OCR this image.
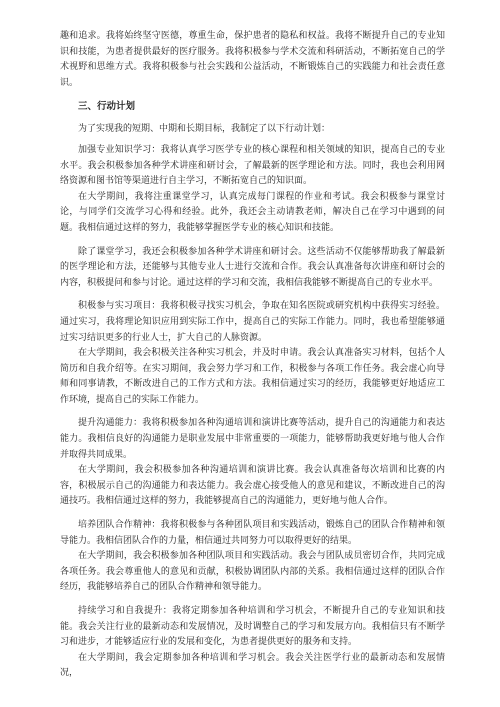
趣和追求。我将始终坚守医德，尊重生命，保护患者的隐私和权益。我将不断提升自己的专业知识和技能，为患者提供最好的医疗服务。我将积极参与学术交流和科研活动，不断拓宽自己的学术视野和思维方式。我将积极参与社会实践和公益活动，不断锻炼自己的实践能力和社会责任意识。

三、行动计划

为了实现我的短期、中期和长期目标，我制定了以下行动计划：

加强专业知识学习：我将认真学习医学专业的核心课程和相关领域的知识，提高自己的专业水平。我会积极参加各种学术讲座和研讨会，了解最新的医学理论和方法。同时，我也会利用网络资源和图书馆等渠道进行自主学习，不断拓宽自己的知识面。

在大学期间，我将注重课堂学习，认真完成每门课程的作业和考试。我会积极参与课堂讨论，与同学们交流学习心得和经验。此外，我还会主动请教老师，解决自己在学习中遇到的问题。我相信通过这样的努力，我能够掌握医学专业的核心知识和技能。

除了课堂学习，我还会积极参加各种学术讲座和研讨会。这些活动不仅能够帮助我了解最新的医学理论和方法，还能够与其他专业人士进行交流和合作。我会认真准备每次讲座和研讨会的内容，积极提问和参与讨论。通过这样的学习和交流，我相信我能够不断提高自己的专业水平。

积极参与实习项目：我将积极寻找实习机会，争取在知名医院或研究机构中获得实习经验。通过实习，我将理论知识应用到实际工作中，提高自己的实际工作能力。同时，我也希望能够通过实习结识更多的行业人士，扩大自己的人脉资源。

在大学期间，我会积极关注各种实习机会，并及时申请。我会认真准备实习材料，包括个人简历和自我介绍等。在实习期间，我会努力学习和工作，积极参与各项工作任务。我会虚心向导师和同事请教，不断改进自己的工作方式和方法。我相信通过实习的经历，我能够更好地适应工作环境，提高自己的实际工作能力。

提升沟通能力：我将积极参加各种沟通培训和演讲比赛等活动，提升自己的沟通能力和表达能力。我相信良好的沟通能力是职业发展中非常重要的一项能力，能够帮助我更好地与他人合作并取得共同成果。

在大学期间，我会积极参加各种沟通培训和演讲比赛。我会认真准备每次培训和比赛的内容，积极展示自己的沟通能力和表达能力。我会虚心接受他人的意见和建议，不断改进自己的沟通技巧。我相信通过这样的努力，我能够提高自己的沟通能力，更好地与他人合作。

培养团队合作精神：我将积极参与各种团队项目和实践活动，锻炼自己的团队合作精神和领导能力。我相信团队合作的力量，相信通过共同努力可以取得更好的结果。

在大学期间，我会积极参加各种团队项目和实践活动。我会与团队成员密切合作，共同完成各项任务。我会尊重他人的意见和贡献，积极协调团队内部的关系。我相信通过这样的团队合作经历，我能够培养自己的团队合作精神和领导能力。

持续学习和自我提升：我将定期参加各种培训和学习机会，不断提升自己的专业知识和技能。我会关注行业的最新动态和发展情况，及时调整自己的学习和发展方向。我相信只有不断学习和进步，才能够适应行业的发展和变化，为患者提供更好的服务和支持。

在大学期间，我会定期参加各种培训和学习机会。我会关注医学行业的最新动态和发展情况，
